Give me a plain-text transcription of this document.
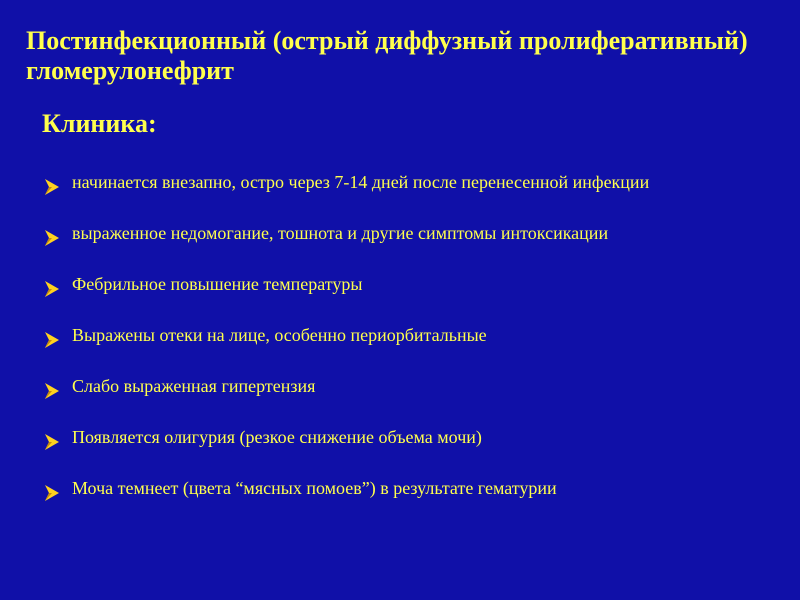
Постинфекционный (острый диффузный пролиферативный) гломерулонефрит
Клиника:
начинается внезапно, остро через 7-14 дней после перенесенной инфекции
выраженное недомогание, тошнота и другие симптомы интоксикации
Фебрильное повышение температуры
Выражены отеки на лице, особенно периорбитальные
Слабо выраженная гипертензия
Появляется олигурия (резкое снижение объема мочи)
Моча темнеет (цвета “мясных помоев”) в результате гематурии
